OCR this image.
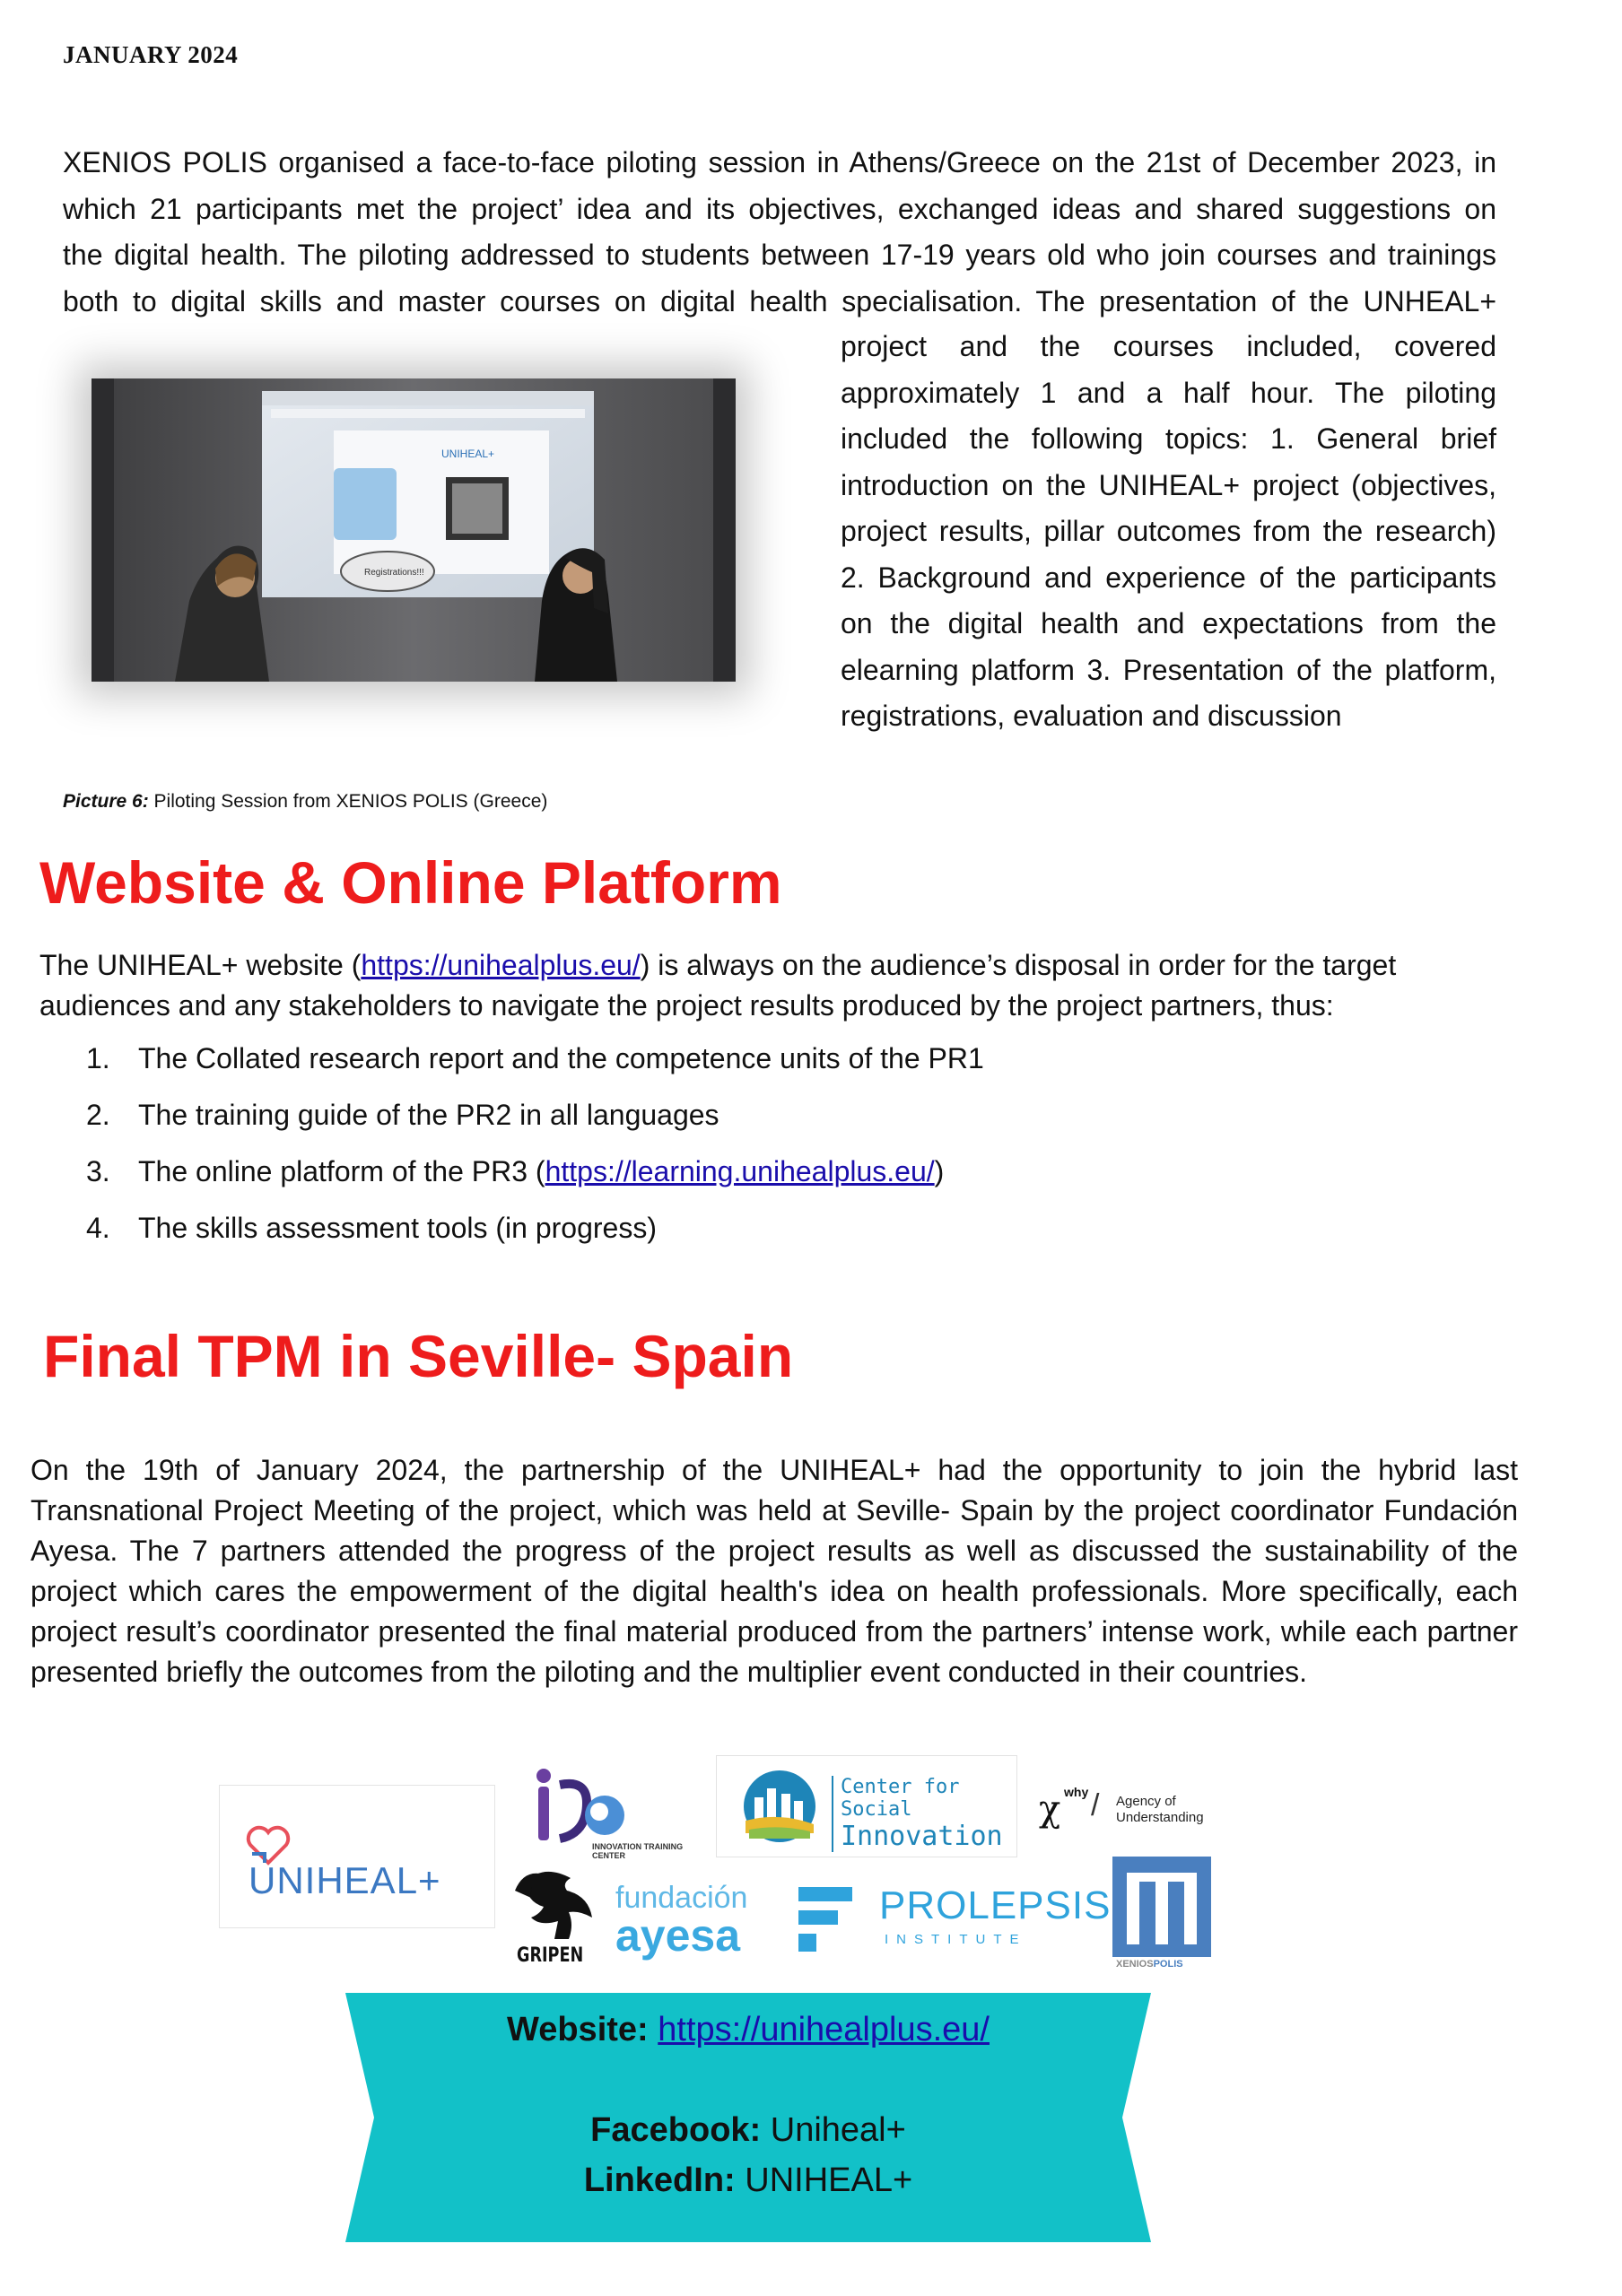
JANUARY 2024
XENIOS POLIS organised a face-to-face piloting session in Athens/Greece on the 21st of December 2023, in
which 21 participants met the project’ idea and its objectives, exchanged ideas and shared suggestions on
the digital health. The piloting addressed to students between 17-19 years old who join courses and trainings
both to digital skills and master courses on digital health specialisation. The presentation of the UNHEAL+

project and the courses included, covered approximately 1 and a half hour. The piloting included the following topics: 1. General brief introduction on the UNIHEAL+ project (objectives, project results, pillar outcomes from the research) 2. Background and experience of the participants on the digital health and expectations from the elearning platform 3. Presentation of the platform, registrations, evaluation and discussion

UNIHEAL+
Registrations!!!
Picture 6: Piloting Session from XENIOS POLIS (Greece)
Website & Online Platform
The UNIHEAL+ website (https://unihealplus.eu/) is always on the audience’s disposal in order for the target
audiences and any stakeholders to navigate the project results produced by the project partners, thus:
1. The Collated research report and the competence units of the PR1
2. The training guide of the PR2 in all languages
3. The online platform of the PR3 (https://learning.unihealplus.eu/)
4. The skills assessment tools (in progress)
Final TPM in Seville- Spain

On the 19th of January 2024, the partnership of the UNIHEAL+ had the opportunity to join the hybrid last Transnational Project Meeting of the project, which was held at Seville- Spain by the project coordinator Fundación Ayesa. The 7 partners attended the progress of the project results as well as discussed the sustainability of the project which cares the empowerment of the digital health's idea on health professionals. More specifically, each project result’s coordinator presented the final material produced from the partners’ intense work, while each partner presented briefly the outcomes from the piloting and the multiplier event conducted in their countries.

UNIHEAL+
INNOVATION TRAINING CENTER
Center for Social
Innovation
χ why / Agency of
Understanding
GRIPEN
fundación
ayesa
PROLEPSIS
INSTITUTE
XENIOSPOLIS
Website: https://unihealplus.eu/
Facebook: Uniheal+
LinkedIn: UNIHEAL+
